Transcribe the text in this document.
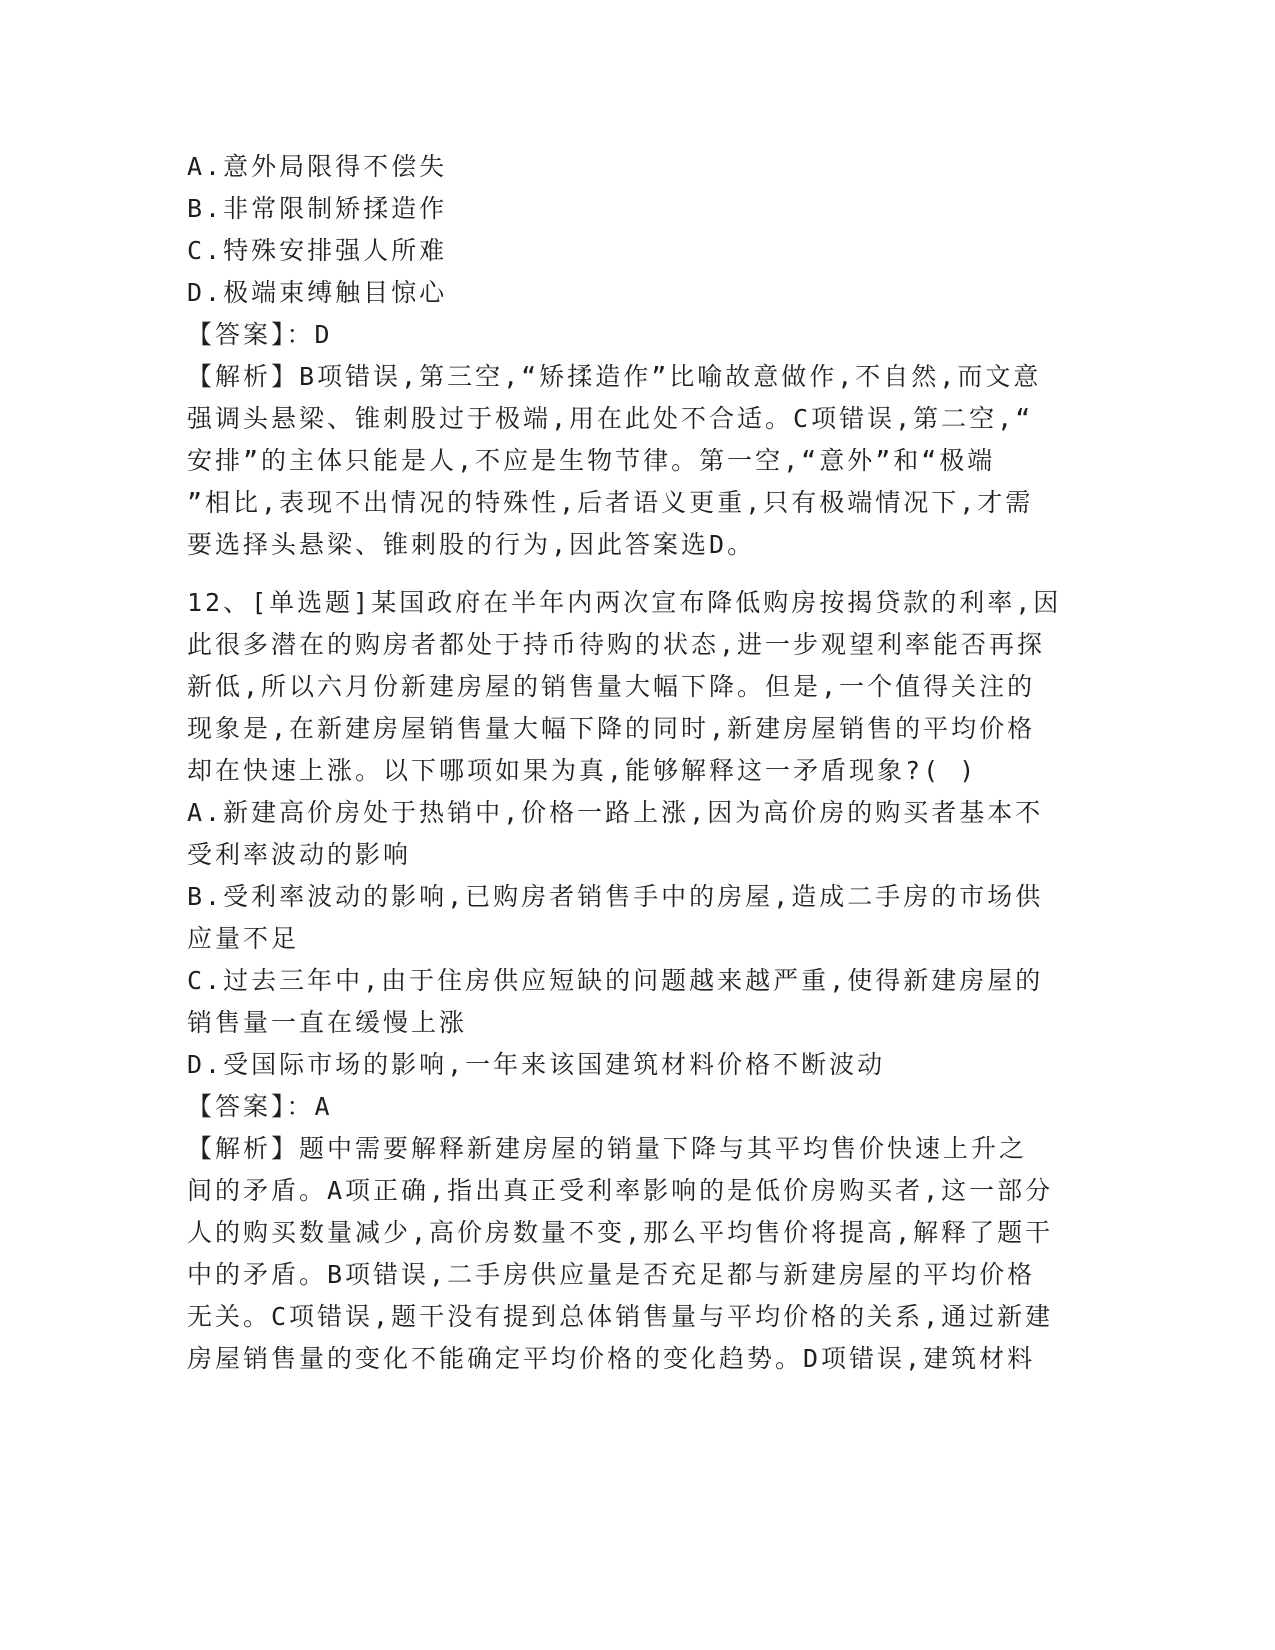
A.意外局限得不偿失
B.非常限制矫揉造作
C.特殊安排强人所难
D.极端束缚触目惊心
【答案】：D
【解析】B项错误,第三空,“矫揉造作”比喻故意做作,不自然,而文意
强调头悬梁、锥刺股过于极端,用在此处不合适。C项错误,第二空,“
安排”的主体只能是人,不应是生物节律。第一空,“意外”和“极端
”相比,表现不出情况的特殊性,后者语义更重,只有极端情况下,才需
要选择头悬梁、锥刺股的行为,因此答案选D。
12、[单选题]某国政府在半年内两次宣布降低购房按揭贷款的利率,因
此很多潜在的购房者都处于持币待购的状态,进一步观望利率能否再探
新低,所以六月份新建房屋的销售量大幅下降。但是,一个值得关注的
现象是,在新建房屋销售量大幅下降的同时,新建房屋销售的平均价格
却在快速上涨。以下哪项如果为真,能够解释这一矛盾现象?( )
A.新建高价房处于热销中,价格一路上涨,因为高价房的购买者基本不
受利率波动的影响
B.受利率波动的影响,已购房者销售手中的房屋,造成二手房的市场供
应量不足
C.过去三年中,由于住房供应短缺的问题越来越严重,使得新建房屋的
销售量一直在缓慢上涨
D.受国际市场的影响,一年来该国建筑材料价格不断波动
【答案】：A
【解析】题中需要解释新建房屋的销量下降与其平均售价快速上升之
间的矛盾。A项正确,指出真正受利率影响的是低价房购买者,这一部分
人的购买数量减少,高价房数量不变,那么平均售价将提高,解释了题干
中的矛盾。B项错误,二手房供应量是否充足都与新建房屋的平均价格
无关。C项错误,题干没有提到总体销售量与平均价格的关系,通过新建
房屋销售量的变化不能确定平均价格的变化趋势。D项错误,建筑材料
